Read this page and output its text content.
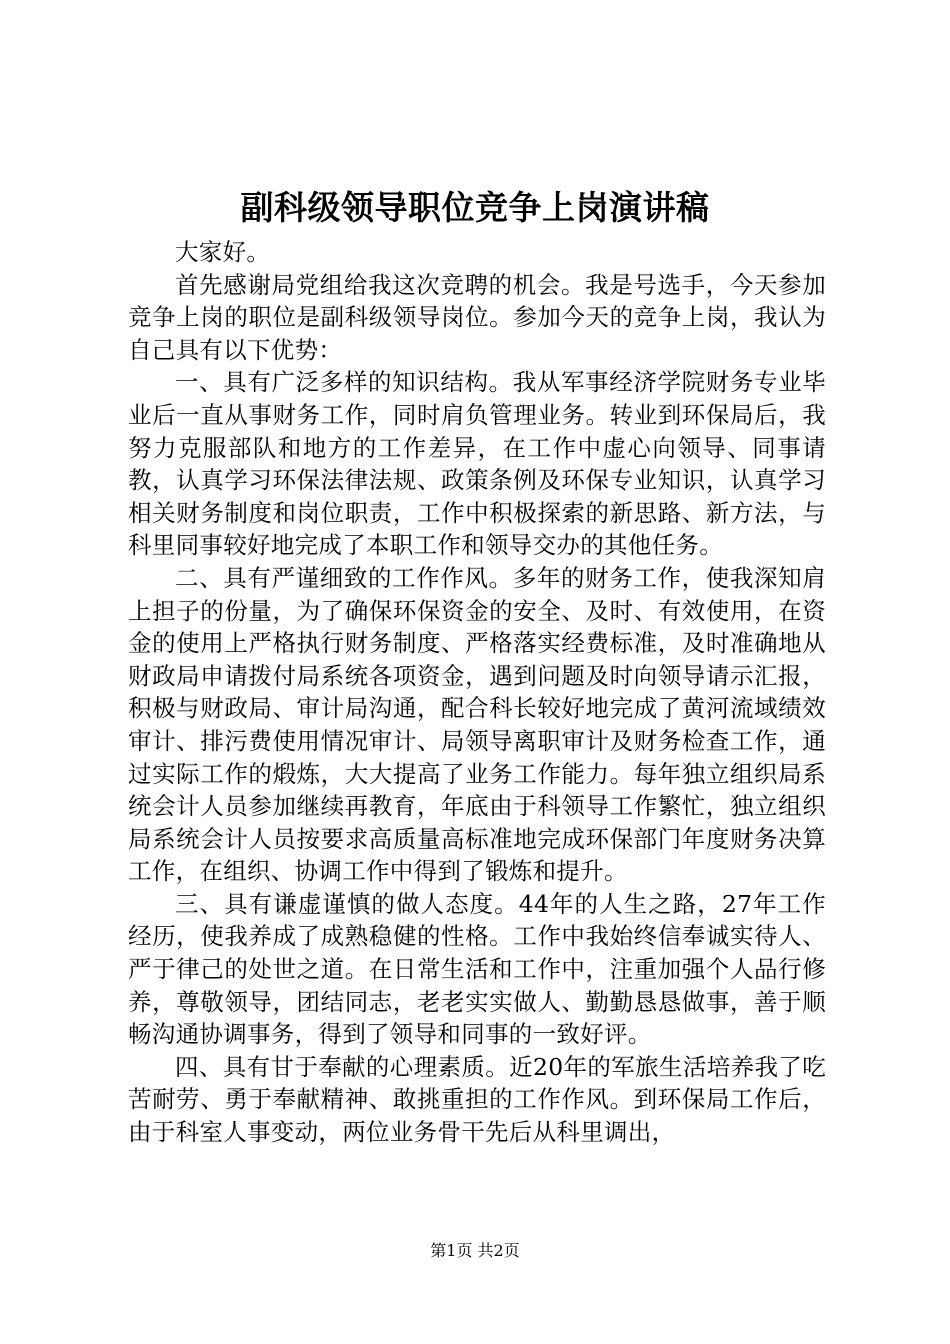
副科级领导职位竞争上岗演讲稿

大家好。

首先感谢局党组给我这次竞聘的机会。我是号选手，今天参加竞争上岗的职位是副科级领导岗位。参加今天的竞争上岗，我认为自己具有以下优势：

一、具有广泛多样的知识结构。我从军事经济学院财务专业毕业后一直从事财务工作，同时肩负管理业务。转业到环保局后，我努力克服部队和地方的工作差异，在工作中虚心向领导、同事请教，认真学习环保法律法规、政策条例及环保专业知识，认真学习相关财务制度和岗位职责，工作中积极探索的新思路、新方法，与科里同事较好地完成了本职工作和领导交办的其他任务。

二、具有严谨细致的工作作风。多年的财务工作，使我深知肩上担子的份量，为了确保环保资金的安全、及时、有效使用，在资金的使用上严格执行财务制度、严格落实经费标准，及时准确地从财政局申请拨付局系统各项资金，遇到问题及时向领导请示汇报，积极与财政局、审计局沟通，配合科长较好地完成了黄河流域绩效审计、排污费使用情况审计、局领导离职审计及财务检查工作，通过实际工作的煅炼，大大提高了业务工作能力。每年独立组织局系统会计人员参加继续再教育，年底由于科领导工作繁忙，独立组织局系统会计人员按要求高质量高标准地完成环保部门年度财务决算工作，在组织、协调工作中得到了锻炼和提升。

三、具有谦虚谨慎的做人态度。44年的人生之路，27年工作经历，使我养成了成熟稳健的性格。工作中我始终信奉诚实待人、严于律己的处世之道。在日常生活和工作中，注重加强个人品行修养，尊敬领导，团结同志，老老实实做人、勤勤恳恳做事，善于顺畅沟通协调事务，得到了领导和同事的一致好评。

四、具有甘于奉献的心理素质。近20年的军旅生活培养我了吃苦耐劳、勇于奉献精神、敢挑重担的工作作风。到环保局工作后，由于科室人事变动，两位业务骨干先后从科里调出，

第1页 共2页
